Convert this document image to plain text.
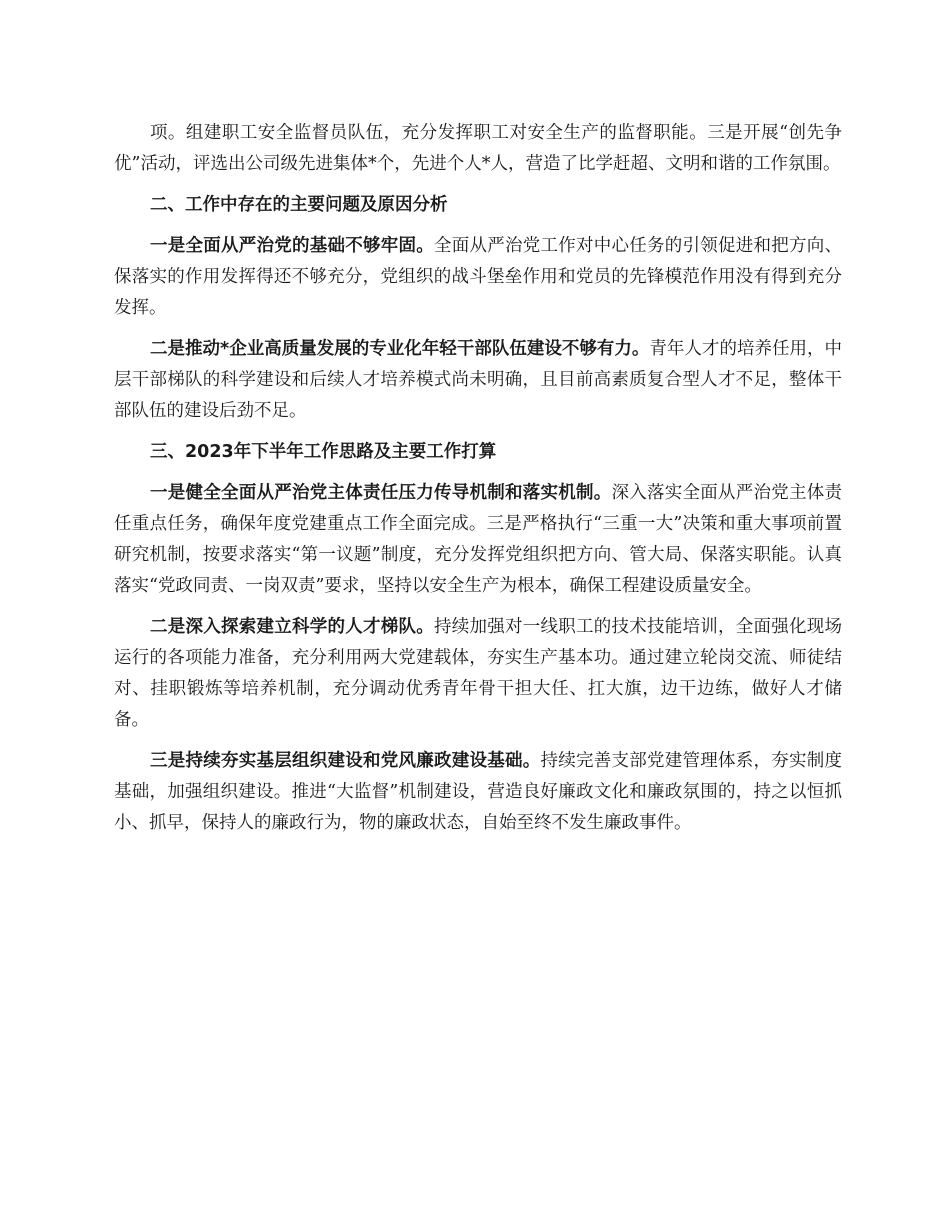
　　项。组建职工安全监督员队伍，充分发挥职工对安全生产的监督职能。三是开展“创先争优”活动，评选出公司级先进集体*个，先进个人*人，营造了比学赶超、文明和谐的工作氛围。

二、工作中存在的主要问题及原因分析

一是全面从严治党的基础不够牢固。全面从严治党工作对中心任务的引领促进和把方向、保落实的作用发挥得还不够充分，党组织的战斗堡垒作用和党员的先锋模范作用没有得到充分发挥。

二是推动*企业高质量发展的专业化年轻干部队伍建设不够有力。青年人才的培养任用，中层干部梯队的科学建设和后续人才培养模式尚未明确，且目前高素质复合型人才不足，整体干部队伍的建设后劲不足。

三、2023年下半年工作思路及主要工作打算

一是健全全面从严治党主体责任压力传导机制和落实机制。深入落实全面从严治党主体责任重点任务，确保年度党建重点工作全面完成。三是严格执行“三重一大”决策和重大事项前置研究机制，按要求落实“第一议题”制度，充分发挥党组织把方向、管大局、保落实职能。认真落实“党政同责、一岗双责”要求，坚持以安全生产为根本，确保工程建设质量安全。

二是深入探索建立科学的人才梯队。持续加强对一线职工的技术技能培训，全面强化现场运行的各项能力准备，充分利用两大党建载体，夯实生产基本功。通过建立轮岗交流、师徒结对、挂职锻炼等培养机制，充分调动优秀青年骨干担大任、扛大旗，边干边练，做好人才储备。

三是持续夯实基层组织建设和党风廉政建设基础。持续完善支部党建管理体系，夯实制度基础，加强组织建设。推进“大监督”机制建设，营造良好廉政文化和廉政氛围的，持之以恒抓小、抓早，保持人的廉政行为，物的廉政状态，自始至终不发生廉政事件。
